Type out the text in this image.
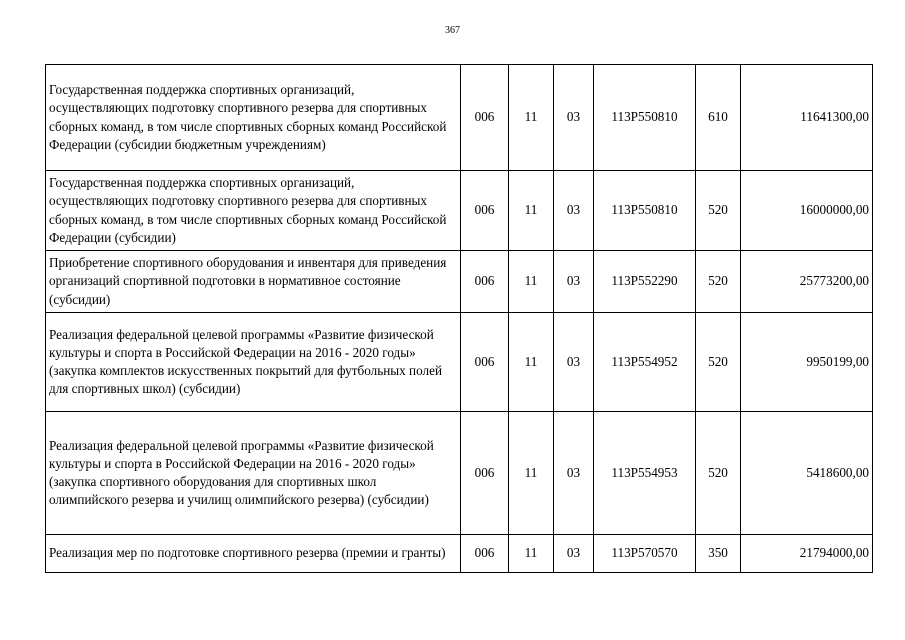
367
Государственная поддержка спортивных организаций, осуществляющих подготовку спортивного резерва для спортивных сборных команд, в том числе спортивных сборных команд Российской Федерации (субсидии бюджетным учреждениям)	006	11	03	113Р550810	610	11641300,00
Государственная поддержка спортивных организаций, осуществляющих подготовку спортивного резерва для спортивных сборных команд, в том числе спортивных сборных команд Российской Федерации (субсидии)	006	11	03	113Р550810	520	16000000,00
Приобретение спортивного оборудования и инвентаря для приведения организаций спортивной подготовки в нормативное состояние (субсидии)	006	11	03	113Р552290	520	25773200,00
Реализация федеральной целевой программы «Развитие физической культуры и спорта в Российской Федерации на 2016 - 2020 годы» (закупка комплектов искусственных покрытий для футбольных полей для спортивных школ) (субсидии)	006	11	03	113Р554952	520	9950199,00
Реализация федеральной целевой программы «Развитие физической культуры и спорта в Российской Федерации на 2016 - 2020 годы» (закупка спортивного оборудования для спортивных школ олимпийского резерва и училищ олимпийского резерва) (субсидии)	006	11	03	113Р554953	520	5418600,00
Реализация мер по подготовке спортивного резерва (премии и гранты)	006	11	03	113Р570570	350	21794000,00
